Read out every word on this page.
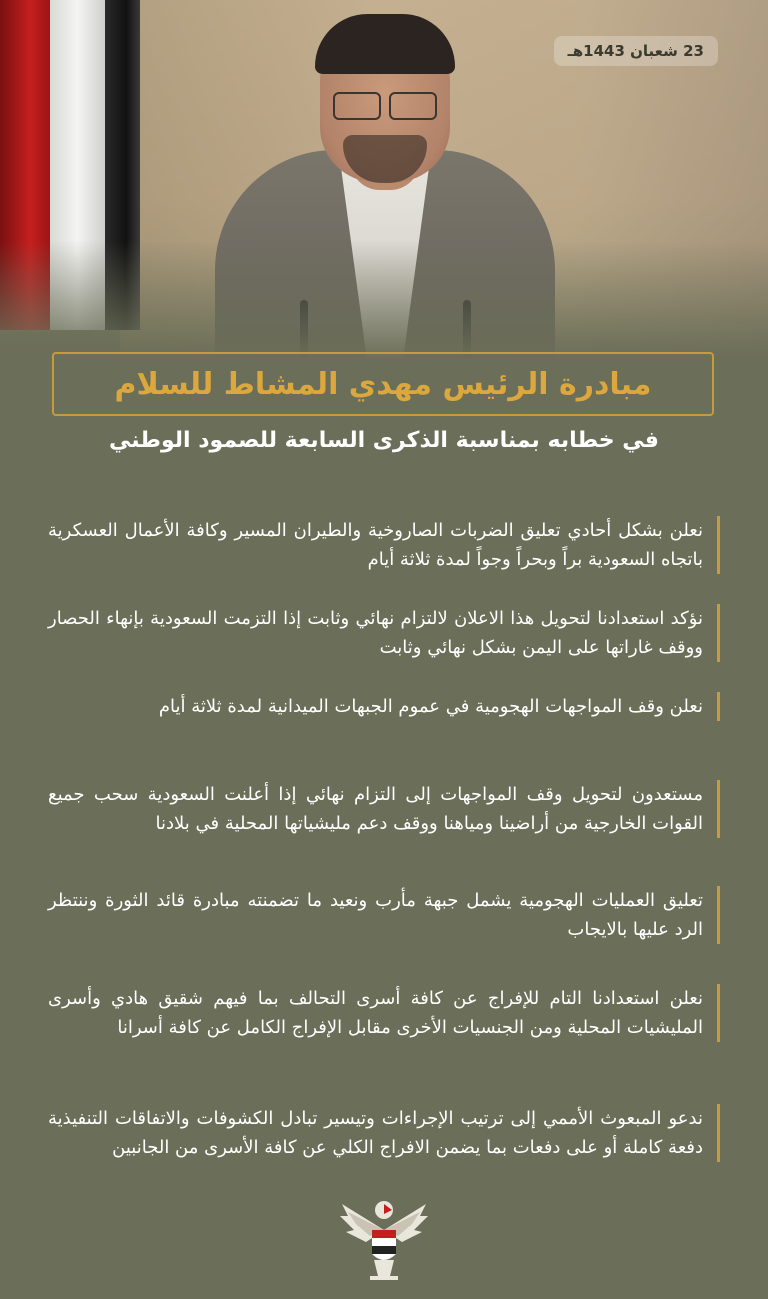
23 شعبان 1443هـ
مبادرة الرئيس مهدي المشاط للسلام
في خطابه بمناسبة الذكرى السابعة للصمود الوطني
نعلن بشكل أحادي تعليق الضربات الصاروخية والطيران المسير وكافة الأعمال العسكرية باتجاه السعودية براً وبحراً وجواً لمدة ثلاثة أيام
نؤكد استعدادنا لتحويل هذا الاعلان لالتزام نهائي وثابت إذا التزمت السعودية بإنهاء الحصار ووقف غاراتها على اليمن بشكل نهائي وثابت
نعلن وقف المواجهات الهجومية في عموم الجبهات الميدانية لمدة ثلاثة أيام
مستعدون لتحويل وقف المواجهات إلى التزام نهائي إذا أعلنت السعودية سحب جميع القوات الخارجية من أراضينا ومياهنا ووقف دعم مليشياتها المحلية في بلادنا
تعليق العمليات الهجومية يشمل جبهة مأرب ونعيد ما تضمنته مبادرة قائد الثورة وننتظر الرد عليها بالايجاب
نعلن استعدادنا التام للإفراج عن كافة أسرى التحالف بما فيهم شقيق هادي وأسرى المليشيات المحلية ومن الجنسيات الأخرى مقابل الإفراج الكامل عن كافة أسرانا
ندعو المبعوث الأممي إلى ترتيب الإجراءات وتيسير تبادل الكشوفات والاتفاقات التنفيذية دفعة كاملة أو على دفعات بما يضمن الافراج الكلي عن كافة الأسرى من الجانبين
